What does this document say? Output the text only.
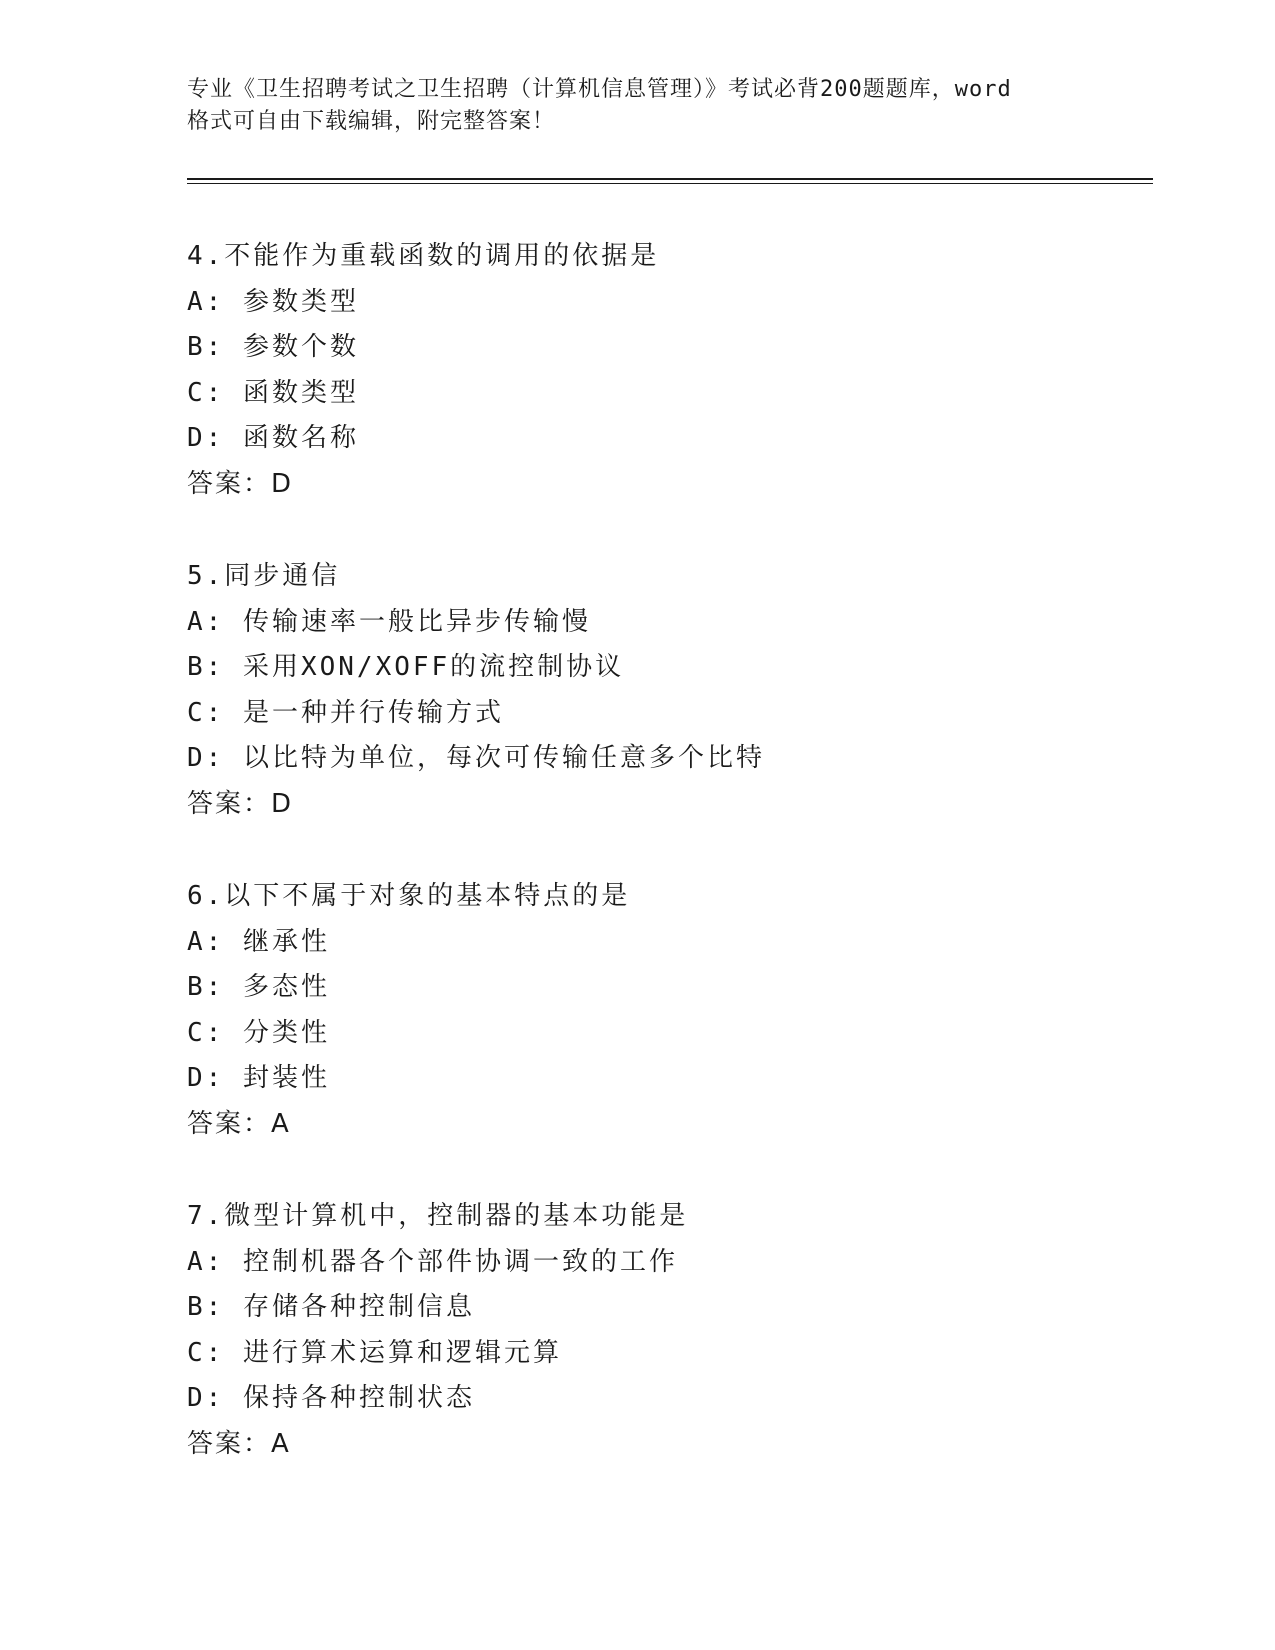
专业《卫生招聘考试之卫生招聘（计算机信息管理）》考试必背200题题库，word
格式可自由下载编辑，附完整答案！
4.不能作为重载函数的调用的依据是
A: 参数类型
B: 参数个数
C: 函数类型
D: 函数名称
答案：D
5.同步通信
A: 传输速率一般比异步传输慢
B: 采用XON/XOFF的流控制协议
C: 是一种并行传输方式
D: 以比特为单位，每次可传输任意多个比特
答案：D
6.以下不属于对象的基本特点的是
A: 继承性
B: 多态性
C: 分类性
D: 封装性
答案：A
7.微型计算机中，控制器的基本功能是
A: 控制机器各个部件协调一致的工作
B: 存储各种控制信息
C: 进行算术运算和逻辑元算
D: 保持各种控制状态
答案：A
